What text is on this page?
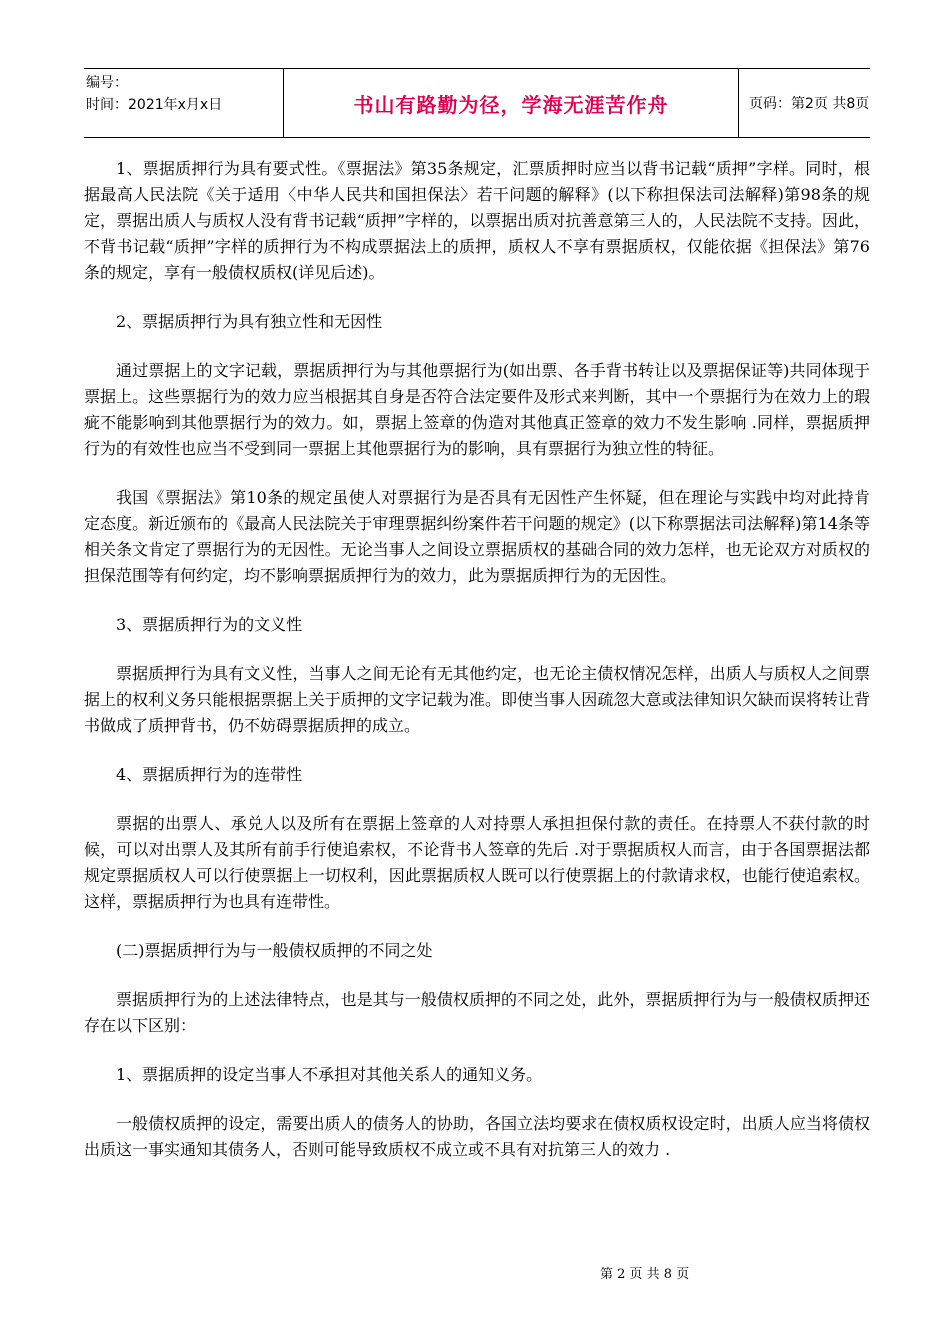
编号：
时间：2021年x月x日	书山有路勤为径，学海无涯苦作舟	页码：第2页 共8页

1、票据质押行为具有要式性。《票据法》第35条规定，汇票质押时应当以背书记载“质押”字样。同时，根据最高人民法院《关于适用〈中华人民共和国担保法〉若干问题的解释》(以下称担保法司法解释)第98条的规定，票据出质人与质权人没有背书记载“质押”字样的，以票据出质对抗善意第三人的，人民法院不支持。因此，不背书记载“质押”字样的质押行为不构成票据法上的质押，质权人不享有票据质权，仅能依据《担保法》第76条的规定，享有一般债权质权(详见后述)。

2、票据质押行为具有独立性和无因性

通过票据上的文字记载，票据质押行为与其他票据行为(如出票、各手背书转让以及票据保证等)共同体现于票据上。这些票据行为的效力应当根据其自身是否符合法定要件及形式来判断，其中一个票据行为在效力上的瑕疵不能影响到其他票据行为的效力。如，票据上签章的伪造对其他真正签章的效力不发生影响 .同样，票据质押行为的有效性也应当不受到同一票据上其他票据行为的影响，具有票据行为独立性的特征。

我国《票据法》第10条的规定虽使人对票据行为是否具有无因性产生怀疑，但在理论与实践中均对此持肯定态度。新近颁布的《最高人民法院关于审理票据纠纷案件若干问题的规定》(以下称票据法司法解释)第14条等相关条文肯定了票据行为的无因性。无论当事人之间设立票据质权的基础合同的效力怎样，也无论双方对质权的担保范围等有何约定，均不影响票据质押行为的效力，此为票据质押行为的无因性。

3、票据质押行为的文义性

票据质押行为具有文义性，当事人之间无论有无其他约定，也无论主债权情况怎样，出质人与质权人之间票据上的权利义务只能根据票据上关于质押的文字记载为准。即使当事人因疏忽大意或法律知识欠缺而误将转让背书做成了质押背书，仍不妨碍票据质押的成立。

4、票据质押行为的连带性

票据的出票人、承兑人以及所有在票据上签章的人对持票人承担担保付款的责任。在持票人不获付款的时候，可以对出票人及其所有前手行使追索权，不论背书人签章的先后 .对于票据质权人而言，由于各国票据法都规定票据质权人可以行使票据上一切权利，因此票据质权人既可以行使票据上的付款请求权，也能行使追索权。这样，票据质押行为也具有连带性。

(二)票据质押行为与一般债权质押的不同之处

票据质押行为的上述法律特点，也是其与一般债权质押的不同之处，此外，票据质押行为与一般债权质押还存在以下区别：

1、票据质押的设定当事人不承担对其他关系人的通知义务。

一般债权质押的设定，需要出质人的债务人的协助，各国立法均要求在债权质权设定时，出质人应当将债权出质这一事实通知其债务人，否则可能导致质权不成立或不具有对抗第三人的效力 .

第 2 页 共 8 页
